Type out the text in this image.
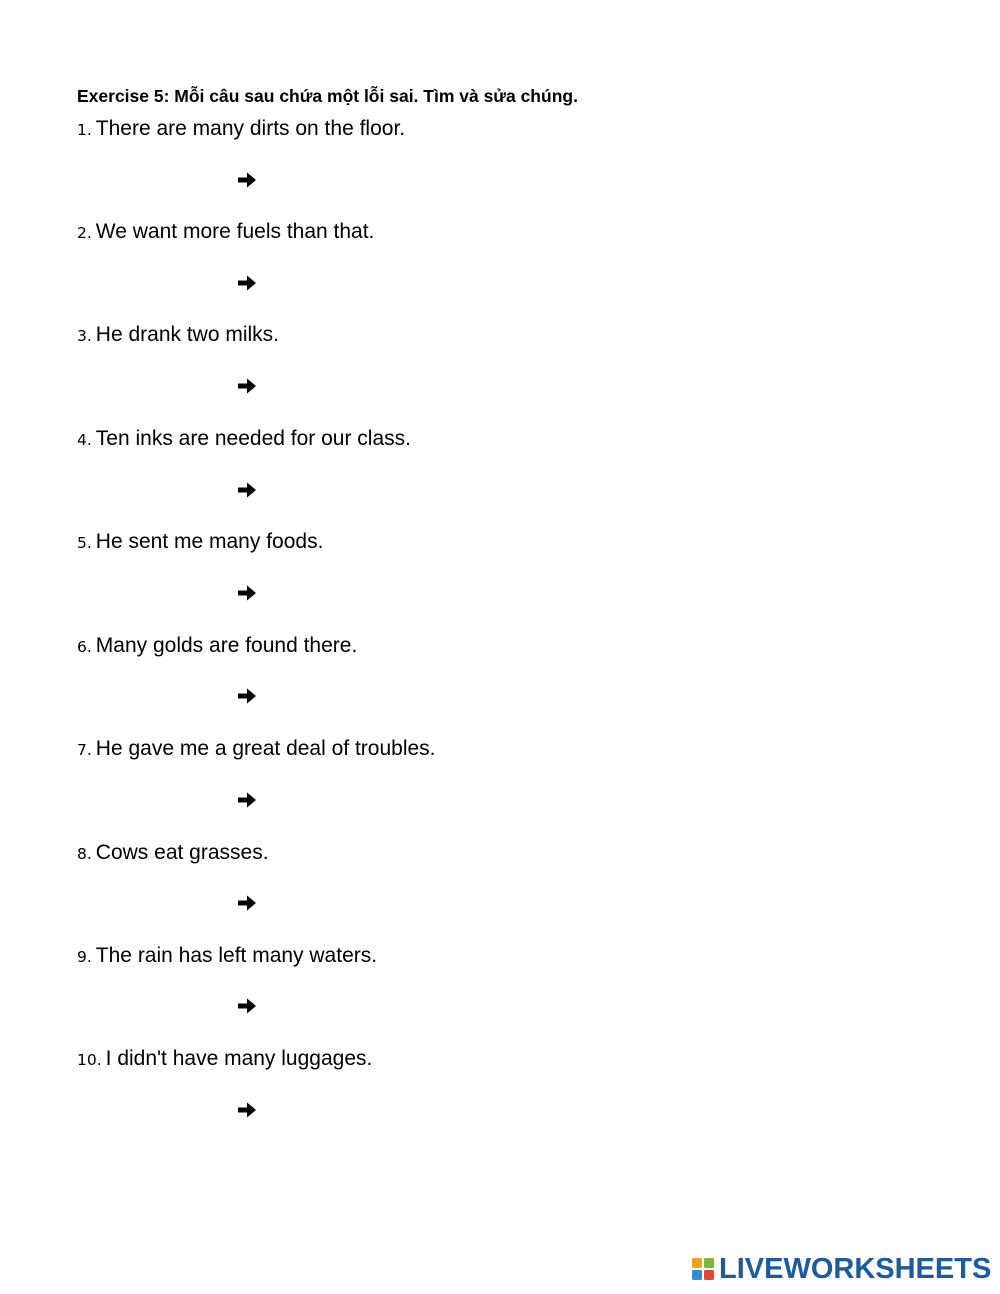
Exercise 5: Mỗi câu sau chứa một lỗi sai. Tìm và sửa chúng.
1. There are many dirts on the floor.
2. We want more fuels than that.
3. He drank two milks.
4. Ten inks are needed for our class.
5. He sent me many foods.
6. Many golds are found there.
7. He gave me a great deal of troubles.
8. Cows eat grasses.
9. The rain has left many waters.
10. I didn't have many luggages.
LIVEWORKSHEETS
